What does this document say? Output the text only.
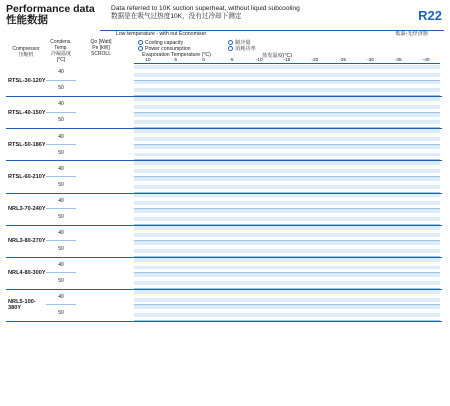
Performance data
性能数据
Data referred to 10K suction superheat, without liquid subcooling
数据是在吸气过热度10K，没有过冷却下测定	R22
Low temperature - with out Economiser	低温-无经济器
Compressor
压缩机
Condens. Temp.
冷凝温度
[°C]
Qo [Watt]
Pe [kW]
SCROLL
Cooling capacity	制冷量
Power consumption	消耗功率
Evaporation Temperature (°C)	蒸发温度(°C)
10	5	0	-5	-10	-15	-20	-25	-30	-35	-40
RTSL-30-120Y
40
50
RTSL-40-150Y
40
50
RTSL-50-186Y
40
50
RTSL-60-210Y
40
50
NRL3-70-240Y
40
50
NRL3-80-270Y
40
50
NRL4-80-300Y
40
50
NRL5-100-380Y
40
50
